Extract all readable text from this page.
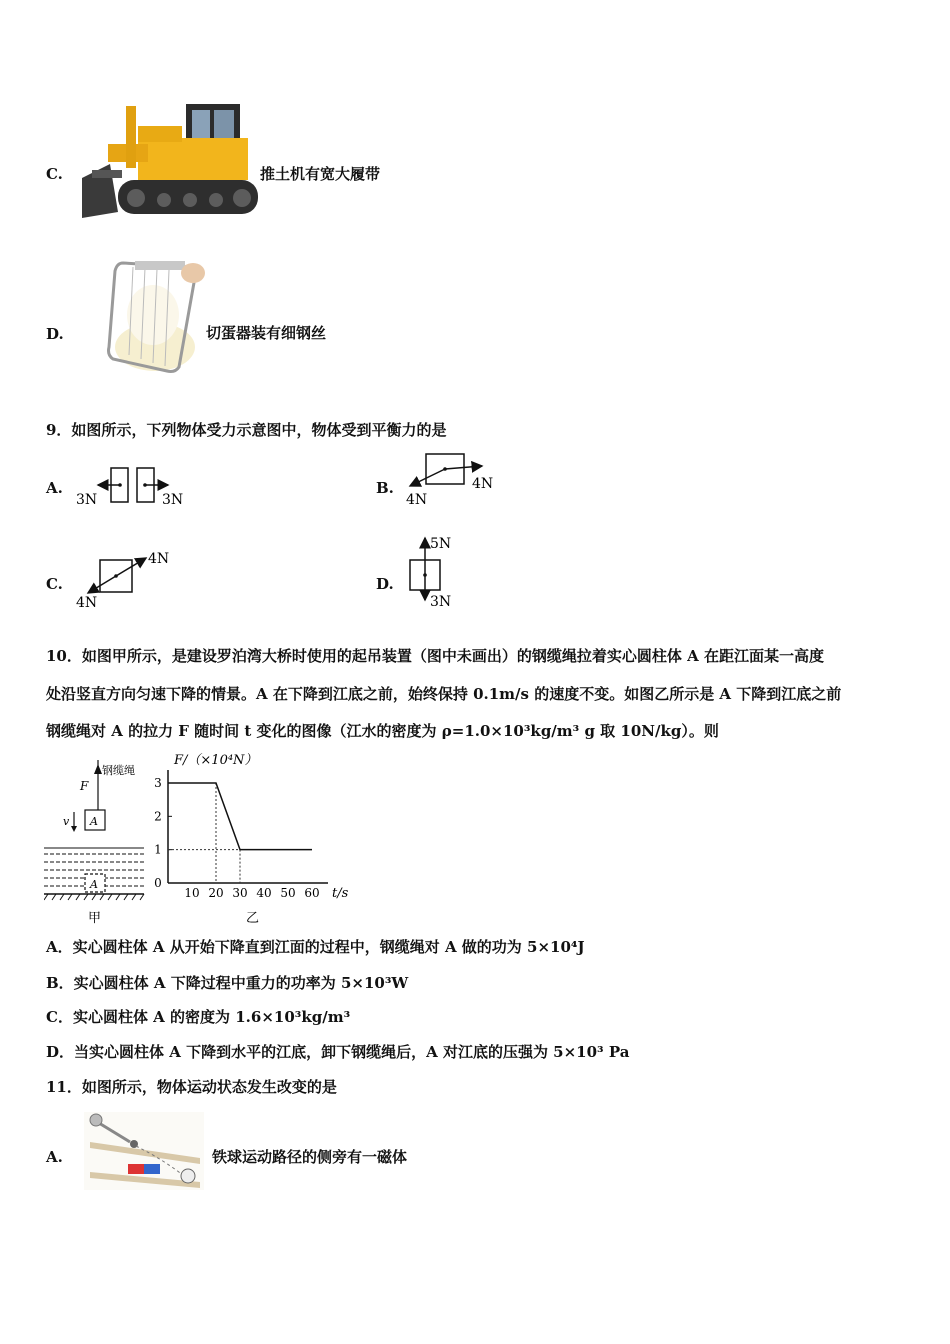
C.	推土机有宽大履带
D.	切蛋器装有细钢丝
9．如图所示，下列物体受力示意图中，物体受到平衡力的是
A.
3N	3N
B.	4N
4N
C.
4N
4N
D.
5N
3N
10．如图甲所示，是建设罗泊湾大桥时使用的起吊装置（图中未画出）的钢缆绳拉着实心圆柱体 A 在距江面某一高度
处沿竖直方向匀速下降的情景。A 在下降到江底之前，始终保持 0.1m/s 的速度不变。如图乙所示是 A 下降到江底之前
钢缆绳对 A 的拉力 F 随时间 t 变化的图像（江水的密度为 ρ=1.0×10³kg/m³ g 取 10N/kg）。则
F
钢缆绳
A
v
A
甲
0
1
2
3
10 20 30 40 50 60
F/（×10⁴N）
t/s
乙
A．实心圆柱体 A 从开始下降直到江面的过程中，钢缆绳对 A 做的功为 5×10⁴J
B．实心圆柱体 A 下降过程中重力的功率为 5×10³W
C．实心圆柱体 A 的密度为 1.6×10³kg/m³
D．当实心圆柱体 A 下降到水平的江底，卸下钢缆绳后，A 对江底的压强为 5×10³ Pa
11．如图所示，物体运动状态发生改变的是
A.	铁球运动路径的侧旁有一磁体
